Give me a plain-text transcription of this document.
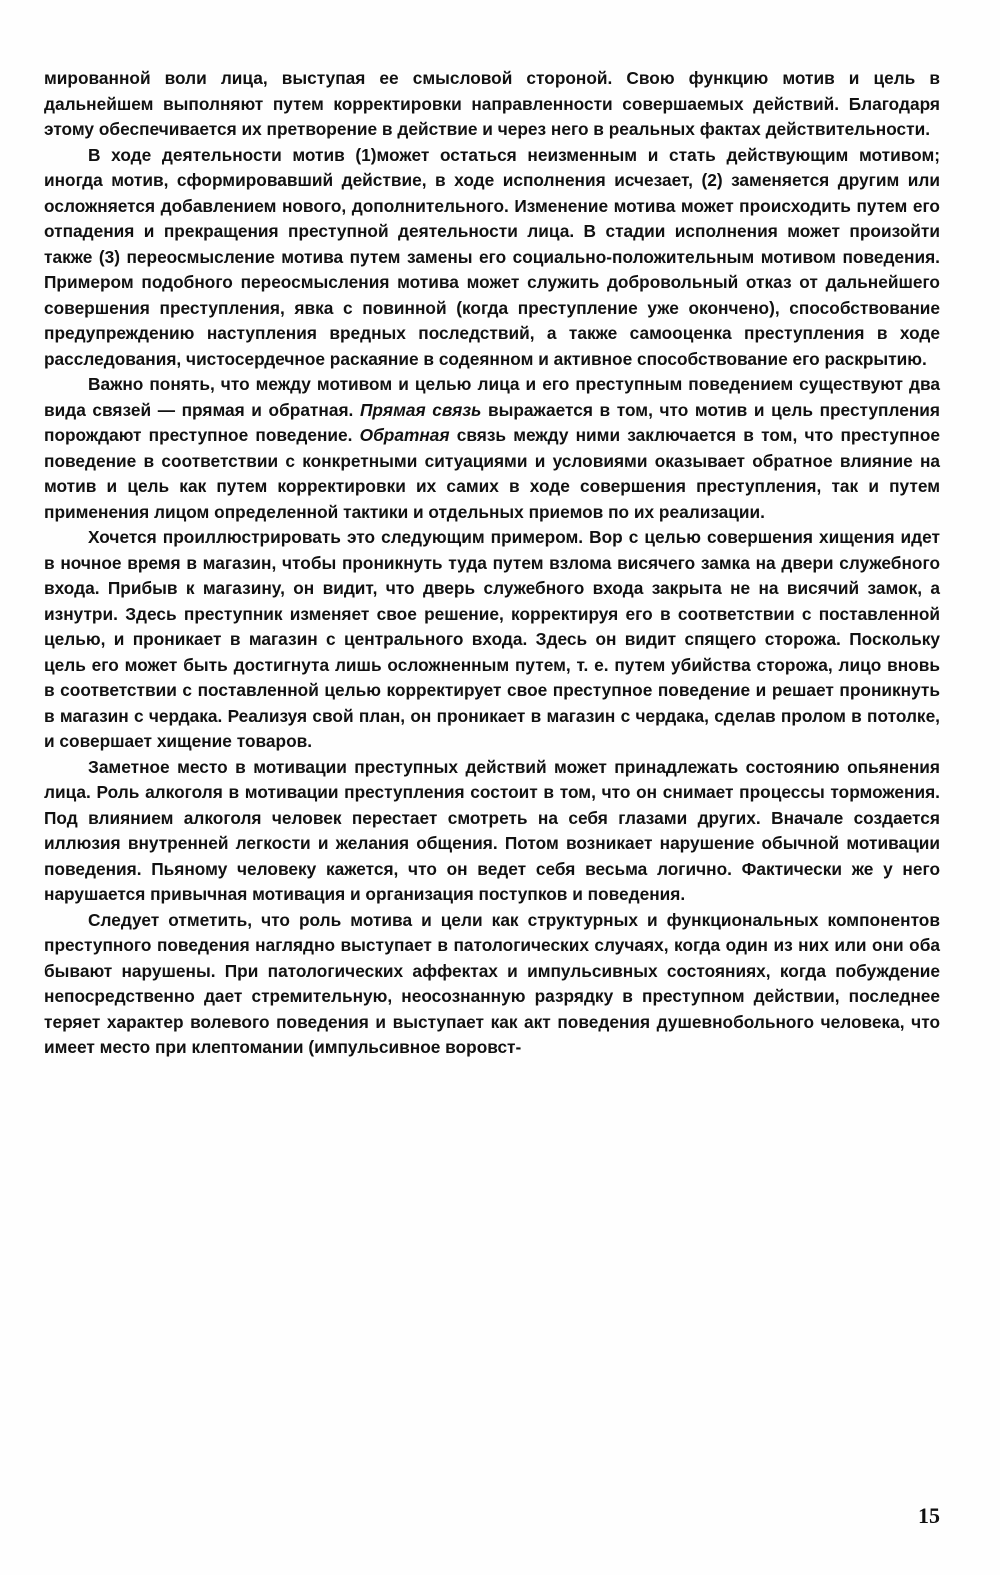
мированной воли лица, выступая ее смысловой стороной. Свою функцию мотив и цель в дальнейшем выполняют путем корректировки направленности совершаемых действий. Благодаря этому обеспечивается их претворение в действие и через него в реальных фактах действительности.

В ходе деятельности мотив (1)может остаться неизменным и стать действующим мотивом; иногда мотив, сформировавший действие, в ходе исполнения исчезает, (2) заменяется другим или осложняется добавлением нового, дополнительного. Изменение мотива может происходить путем его отпадения и прекращения преступной деятельности лица. В стадии исполнения может произойти также (3) переосмысление мотива путем замены его социально-положительным мотивом поведения. Примером подобного переосмысления мотива может служить добровольный отказ от дальнейшего совершения преступления, явка с повинной (когда преступление уже окончено), способствование предупреждению наступления вредных последствий, а также самооценка преступления в ходе расследования, чистосердечное раскаяние в содеянном и активное способствование его раскрытию.

Важно понять, что между мотивом и целью лица и его преступным поведением существуют два вида связей — прямая и обратная. Прямая связь выражается в том, что мотив и цель преступления порождают преступное поведение. Обратная связь между ними заключается в том, что преступное поведение в соответствии с конкретными ситуациями и условиями оказывает обратное влияние на мотив и цель как путем корректировки их самих в ходе совершения преступления, так и путем применения лицом определенной тактики и отдельных приемов по их реализации.

Хочется проиллюстрировать это следующим примером. Вор с целью совершения хищения идет в ночное время в магазин, чтобы проникнуть туда путем взлома висячего замка на двери служебного входа. Прибыв к магазину, он видит, что дверь служебного входа закрыта не на висячий замок, а изнутри. Здесь преступник изменяет свое решение, корректируя его в соответствии с поставленной целью, и проникает в магазин с центрального входа. Здесь он видит спящего сторожа. Поскольку цель его может быть достигнута лишь осложненным путем, т. е. путем убийства сторожа, лицо вновь в соответствии с поставленной целью корректирует свое преступное поведение и решает проникнуть в магазин с чердака. Реализуя свой план, он проникает в магазин с чердака, сделав пролом в потолке, и совершает хищение товаров.

Заметное место в мотивации преступных действий может принадлежать состоянию опьянения лица. Роль алкоголя в мотивации преступления состоит в том, что он снимает процессы торможения. Под влиянием алкоголя человек перестает смотреть на себя глазами других. Вначале создается иллюзия внутренней легкости и желания общения. Потом возникает нарушение обычной мотивации поведения. Пьяному человеку кажется, что он ведет себя весьма логично. Фактически же у него нарушается привычная мотивация и организация поступков и поведения.

Следует отметить, что роль мотива и цели как структурных и функциональных компонентов преступного поведения наглядно выступает в патологических случаях, когда один из них или они оба бывают нарушены. При патологических аффектах и импульсивных состояниях, когда побуждение непосредственно дает стремительную, неосознанную разрядку в преступном действии, последнее теряет характер волевого поведения и выступает как акт поведения душевнобольного человека, что имеет место при клептомании (импульсивное воровст-

15
